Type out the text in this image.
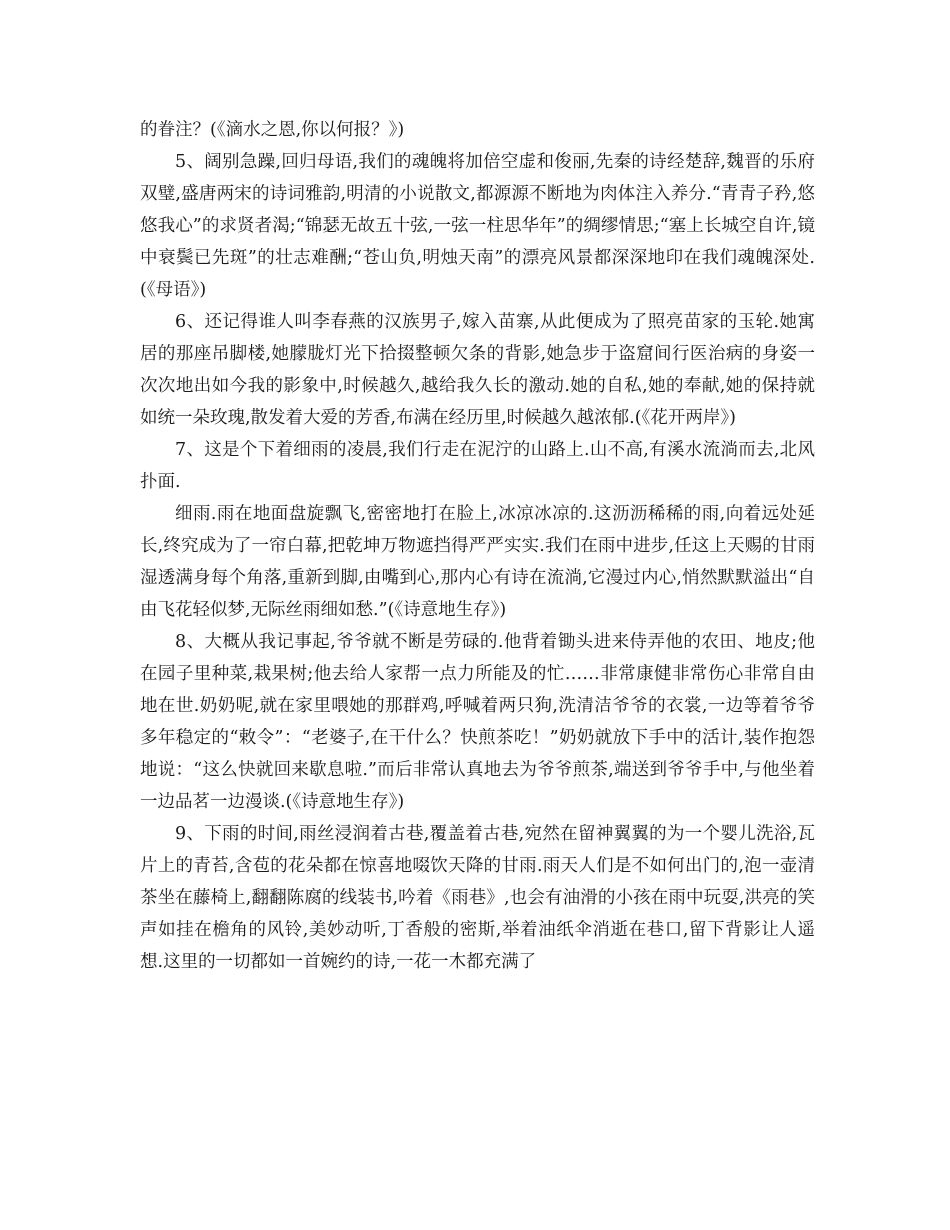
的眷注？(《滴水之恩,你以何报？》)

5、阔别急躁,回归母语,我们的魂魄将加倍空虚和俊丽,先秦的诗经楚辞,魏晋的乐府双璧,盛唐两宋的诗词雅韵,明清的小说散文,都源源不断地为肉体注入养分.“青青子矜,悠悠我心”的求贤者渴;“锦瑟无故五十弦,一弦一柱思华年”的绸缪情思;“塞上长城空自许,镜中衰鬓已先斑”的壮志难酬;“苍山负,明烛天南”的漂亮风景都深深地印在我们魂魄深处.(《母语》)

6、还记得谁人叫李春燕的汉族男子,嫁入苗寨,从此便成为了照亮苗家的玉轮.她寓居的那座吊脚楼,她朦胧灯光下拾掇整顿欠条的背影,她急步于盗窟间行医治病的身姿一次次地出如今我的影象中,时候越久,越给我久长的激动.她的自私,她的奉献,她的保持就如统一朵玫瑰,散发着大爱的芳香,布满在经历里,时候越久越浓郁.(《花开两岸》)

7、这是个下着细雨的凌晨,我们行走在泥泞的山路上.山不高,有溪水流淌而去,北风扑面.

细雨.雨在地面盘旋飘飞,密密地打在脸上,冰凉冰凉的.这沥沥稀稀的雨,向着远处延长,终究成为了一帘白幕,把乾坤万物遮挡得严严实实.我们在雨中进步,任这上天赐的甘雨湿透满身每个角落,重新到脚,由嘴到心,那内心有诗在流淌,它漫过内心,悄然默默溢出“自由飞花轻似梦,无际丝雨细如愁.”(《诗意地生存》)

8、大概从我记事起,爷爷就不断是劳碌的.他背着锄头进来侍弄他的农田、地皮;他在园子里种菜,栽果树;他去给人家帮一点力所能及的忙……非常康健非常伤心非常自由地在世.奶奶呢,就在家里喂她的那群鸡,呼喊着两只狗,洗清洁爷爷的衣裳,一边等着爷爷多年稳定的“敕令”：“老婆子,在干什么？快煎茶吃！”奶奶就放下手中的活计,装作抱怨地说：“这么快就回来歇息啦.”而后非常认真地去为爷爷煎茶,端送到爷爷手中,与他坐着一边品茗一边漫谈.(《诗意地生存》)

9、下雨的时间,雨丝浸润着古巷,覆盖着古巷,宛然在留神翼翼的为一个婴儿洗浴,瓦片上的青苔,含苞的花朵都在惊喜地啜饮天降的甘雨.雨天人们是不如何出门的,泡一壶清茶坐在藤椅上,翻翻陈腐的线装书,吟着《雨巷》,也会有油滑的小孩在雨中玩耍,洪亮的笑声如挂在檐角的风铃,美妙动听,丁香般的密斯,举着油纸伞消逝在巷口,留下背影让人遥想.这里的一切都如一首婉约的诗,一花一木都充满了
